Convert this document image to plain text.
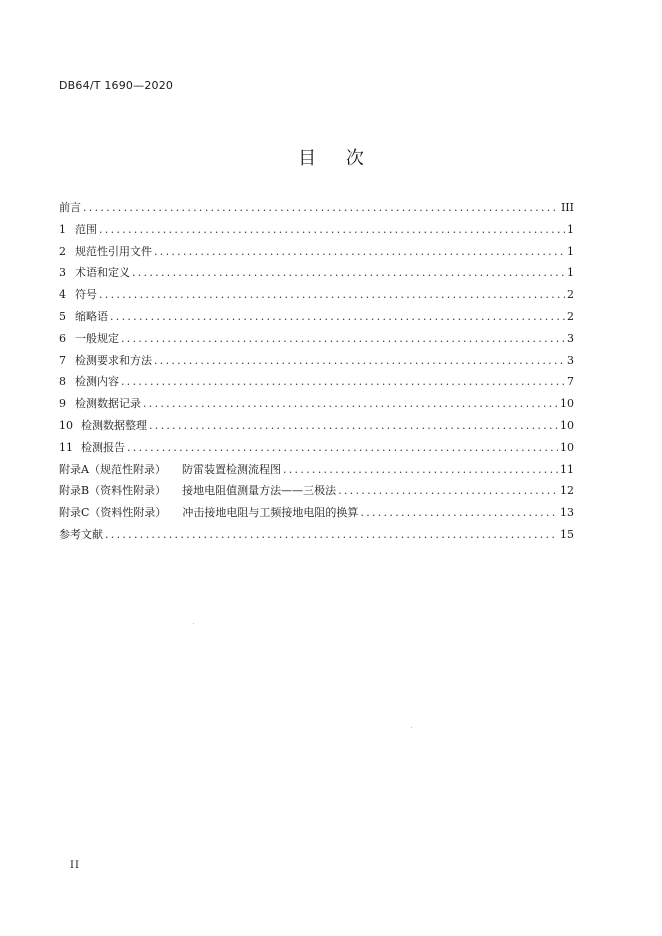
DB64/T 1690—2020
目 次
前言 .....	III
1 范围 .....	1
2 规范性引用文件 .....	1
3 术语和定义 .....	1
4 符号 .....	2
5 缩略语 .....	2
6 一般规定 .....	3
7 检测要求和方法 .....	3
8 检测内容 .....	7
9 检测数据记录 .....	10
10 检测数据整理 .....	10
11 检测报告 .....	10
附录A（规范性附录） 防雷装置检测流程图 .....	11
附录B（资料性附录） 接地电阻值测量方法——三极法 .....	12
附录C（资料性附录） 冲击接地电阻与工频接地电阻的换算 .....	13
参考文献 .....	15
II
